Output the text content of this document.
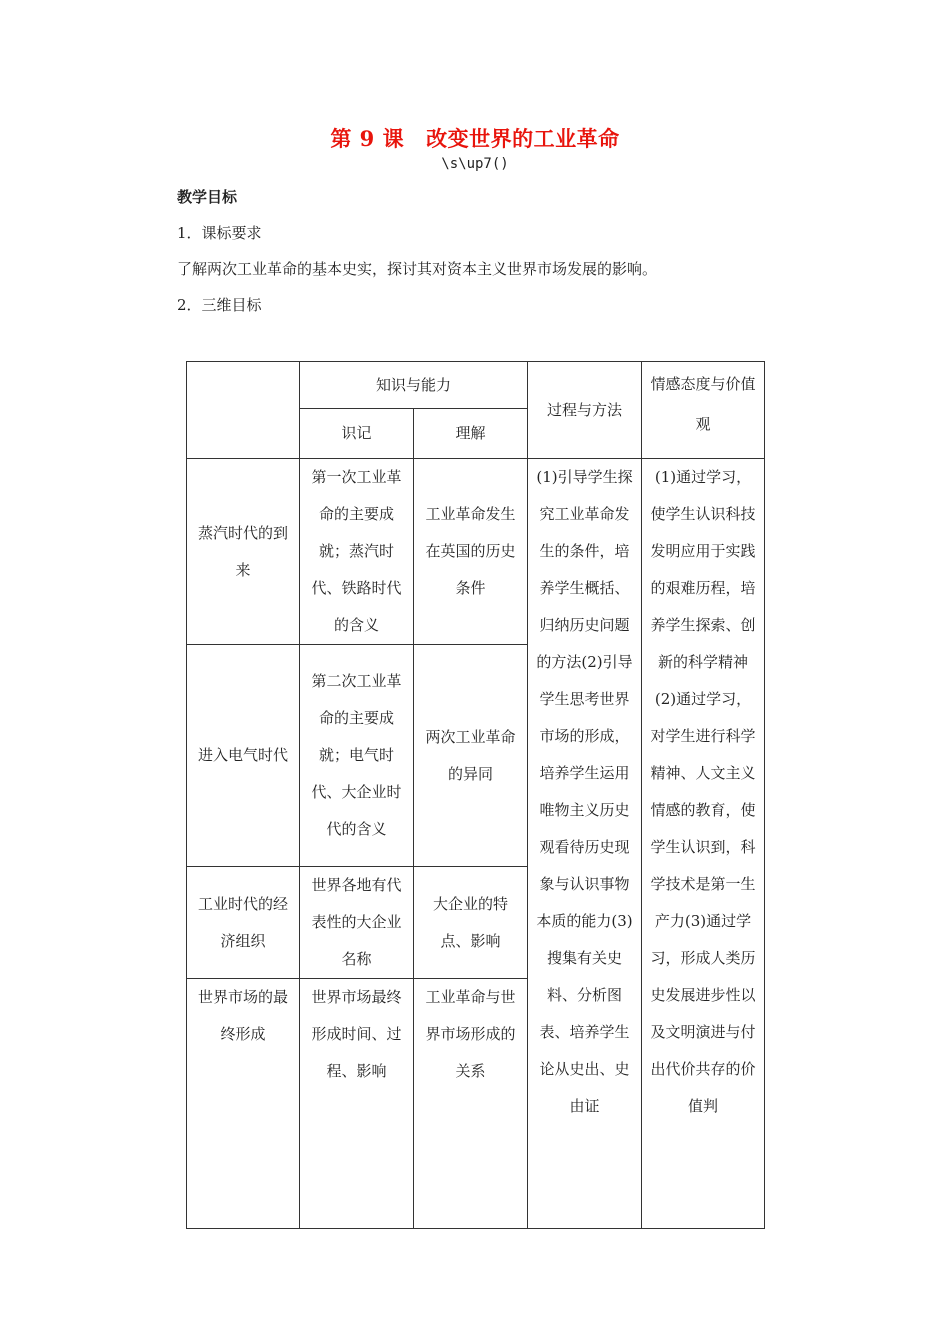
第 9 课 改变世界的工业革命
\s\up7()
教学目标
1．课标要求
了解两次工业革命的基本史实，探讨其对资本主义世界市场发展的影响。
2．三维目标
	知识与能力		过程与方法	情感态度与价值观
	识记	理解		
蒸汽时代的到来	第一次工业革命的主要成就；蒸汽时代、铁路时代的含义	工业革命发生在英国的历史条件	(1)引导学生探究工业革命发生的条件，培养学生概括、归纳历史问题的方法(2)引导学生思考世界市场的形成，培养学生运用唯物主义历史观看待历史现象与认识事物本质的能力(3)搜集有关史料、分析图表、培养学生论从史出、史由证	(1)通过学习，使学生认识科技发明应用于实践的艰难历程，培养学生探索、创新的科学精神(2)通过学习，对学生进行科学精神、人文主义情感的教育，使学生认识到，科学技术是第一生产力(3)通过学习，形成人类历史发展进步性以及文明演进与付出代价共存的价值判
进入电气时代	第二次工业革命的主要成就；电气时代、大企业时代的含义	两次工业革命的异同		
工业时代的经济组织	世界各地有代表性的大企业名称	大企业的特点、影响		
世界市场的最终形成	世界市场最终形成时间、过程、影响	工业革命与世界市场形成的关系		
